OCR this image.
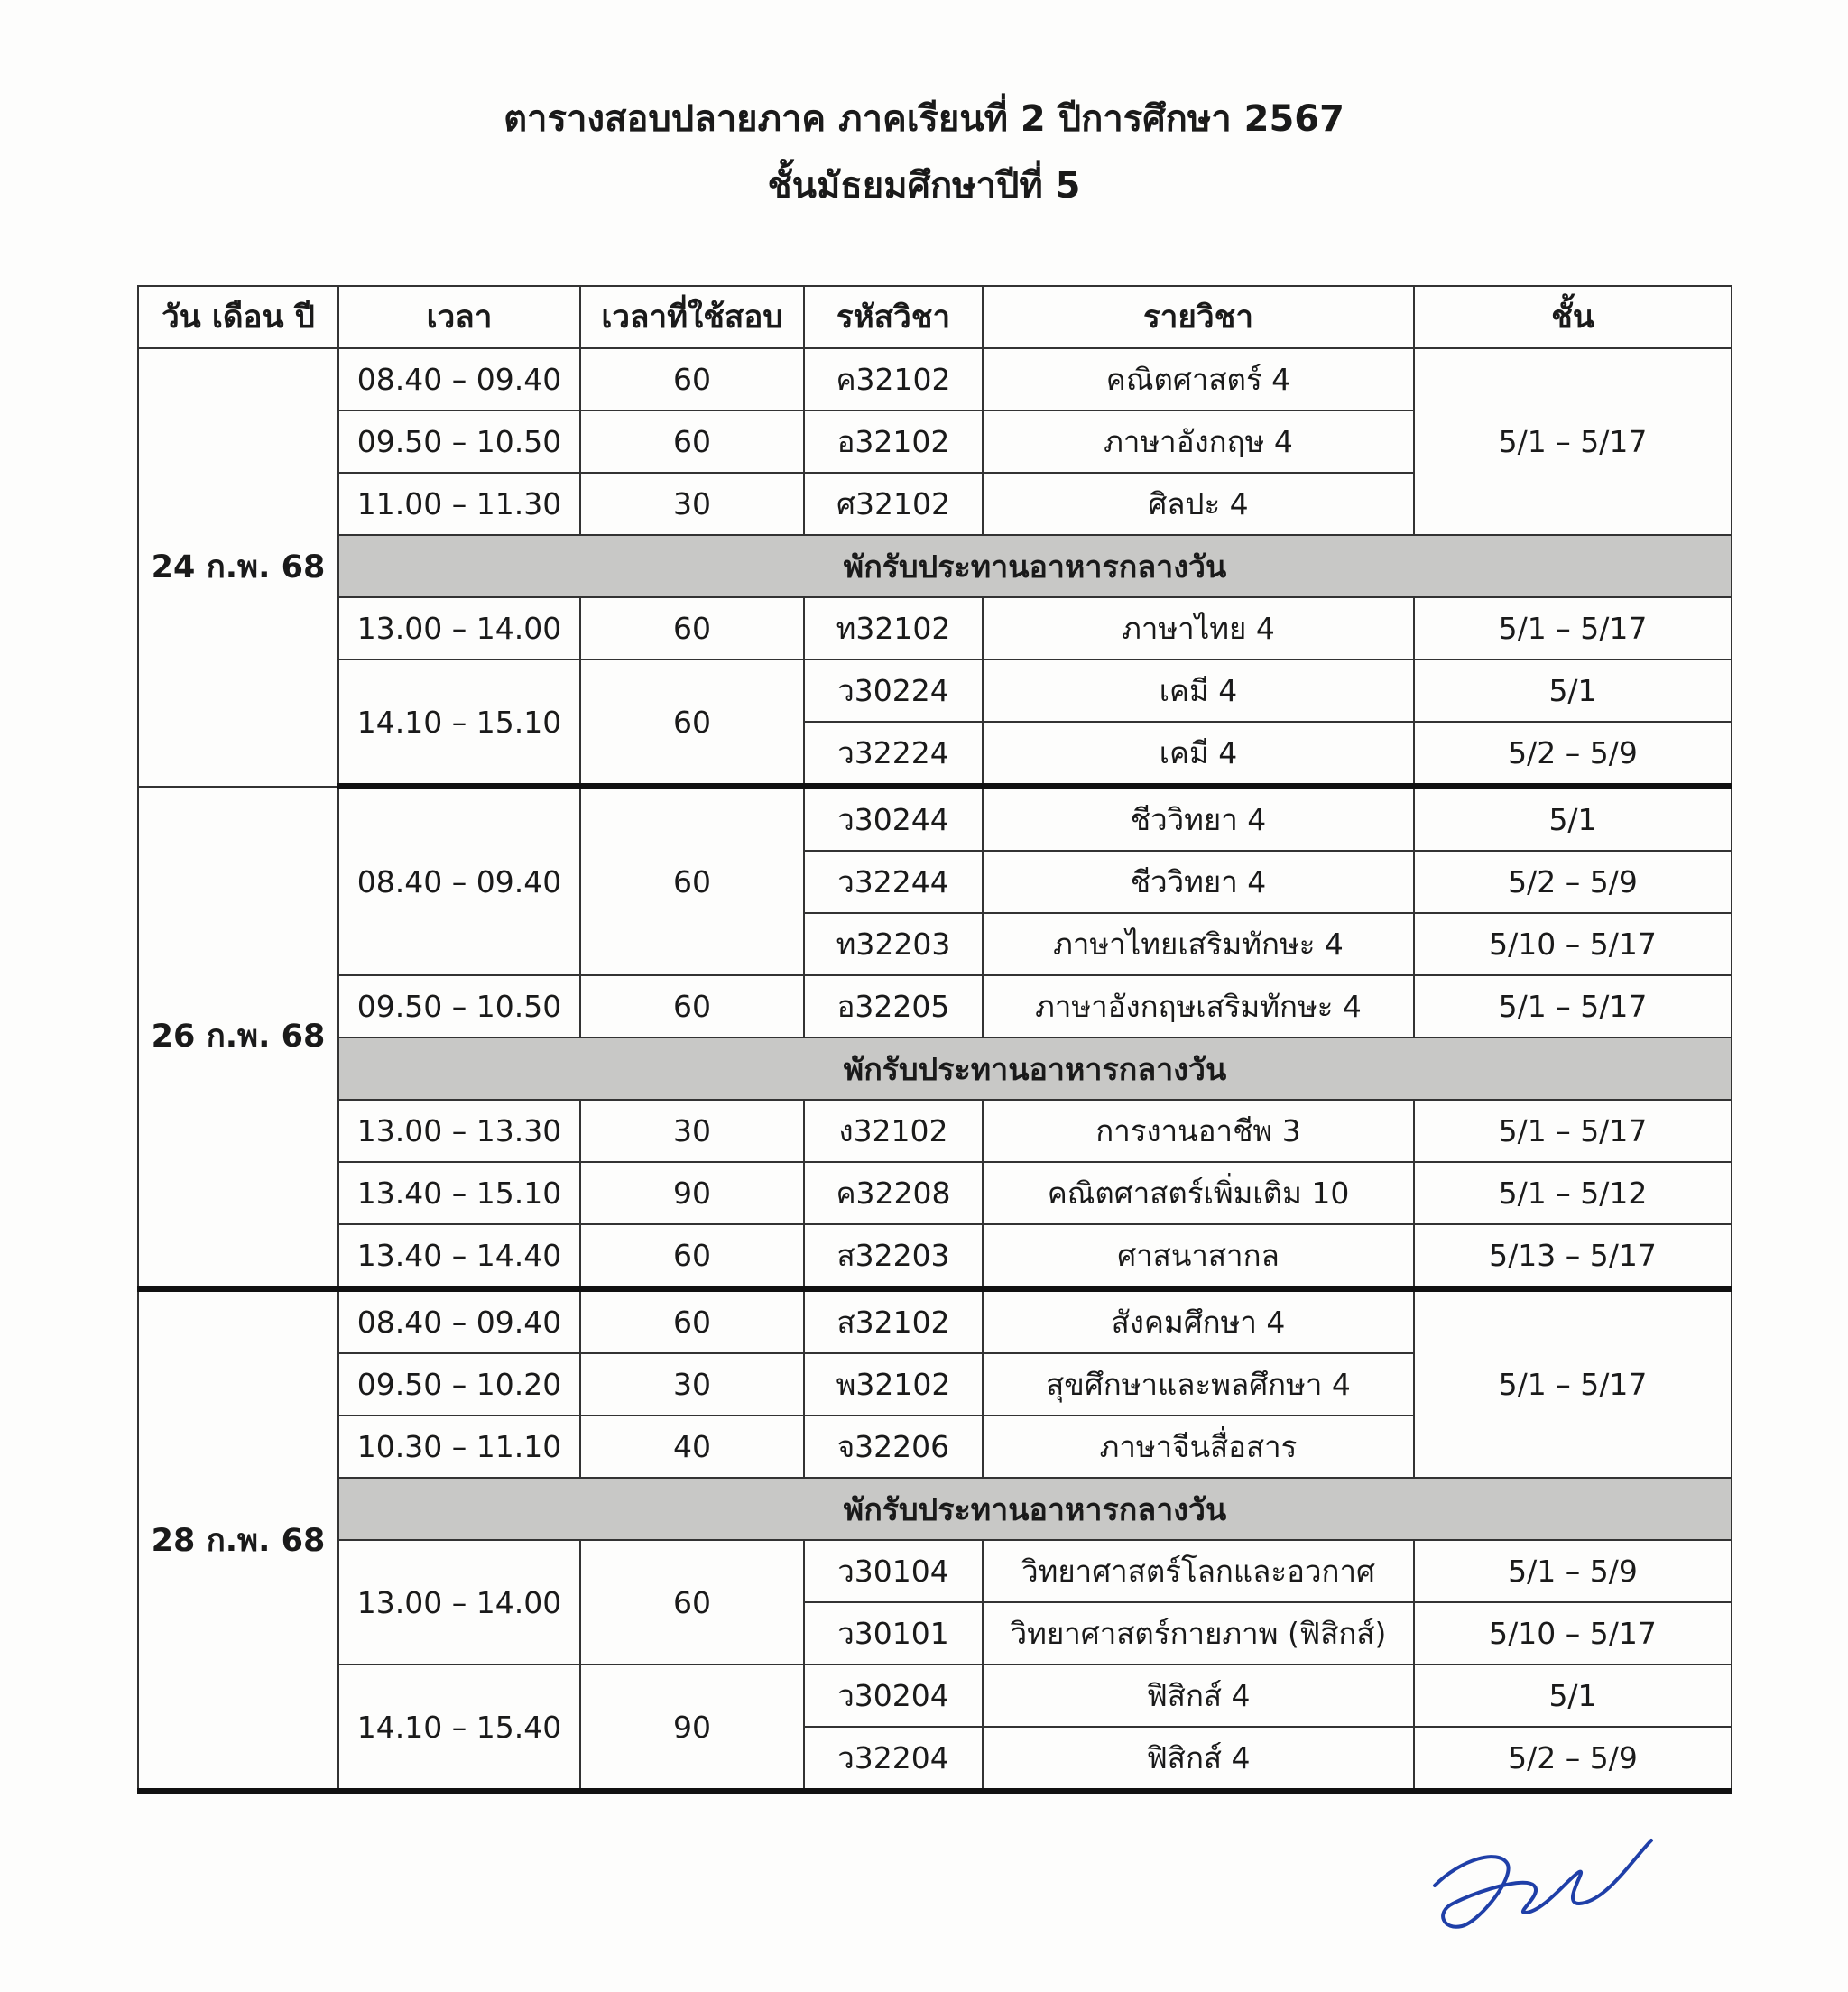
ตารางสอบปลายภาค ภาคเรียนที่ 2 ปีการศึกษา 2567
ชั้นมัธยมศึกษาปีที่ 5
วัน เดือน ปี	เวลา	เวลาที่ใช้สอบ	รหัสวิชา	รายวิชา	ชั้น
24 ก.พ. 68	08.40 – 09.40	60	ค32102	คณิตศาสตร์ 4	5/1 – 5/17
	09.50 – 10.50	60	อ32102	ภาษาอังกฤษ 4	
	11.00 – 11.30	30	ศ32102	ศิลปะ 4	
	พักรับประทานอาหารกลางวัน				
	13.00 – 14.00	60	ท32102	ภาษาไทย 4	5/1 – 5/17
	14.10 – 15.10	60	ว30224	เคมี 4	5/1
			ว32224	เคมี 4	5/2 – 5/9
26 ก.พ. 68	08.40 – 09.40	60	ว30244	ชีววิทยา 4	5/1
			ว32244	ชีววิทยา 4	5/2 – 5/9
			ท32203	ภาษาไทยเสริมทักษะ 4	5/10 – 5/17
	09.50 – 10.50	60	อ32205	ภาษาอังกฤษเสริมทักษะ 4	5/1 – 5/17
	พักรับประทานอาหารกลางวัน				
	13.00 – 13.30	30	ง32102	การงานอาชีพ 3	5/1 – 5/17
	13.40 – 15.10	90	ค32208	คณิตศาสตร์เพิ่มเติม 10	5/1 – 5/12
	13.40 – 14.40	60	ส32203	ศาสนาสากล	5/13 – 5/17
28 ก.พ. 68	08.40 – 09.40	60	ส32102	สังคมศึกษา 4	5/1 – 5/17
	09.50 – 10.20	30	พ32102	สุขศึกษาและพลศึกษา 4	
	10.30 – 11.10	40	จ32206	ภาษาจีนสื่อสาร	
	พักรับประทานอาหารกลางวัน				
	13.00 – 14.00	60	ว30104	วิทยาศาสตร์โลกและอวกาศ	5/1 – 5/9
			ว30101	วิทยาศาสตร์กายภาพ (ฟิสิกส์)	5/10 – 5/17
	14.10 – 15.40	90	ว30204	ฟิสิกส์ 4	5/1
			ว32204	ฟิสิกส์ 4	5/2 – 5/9
